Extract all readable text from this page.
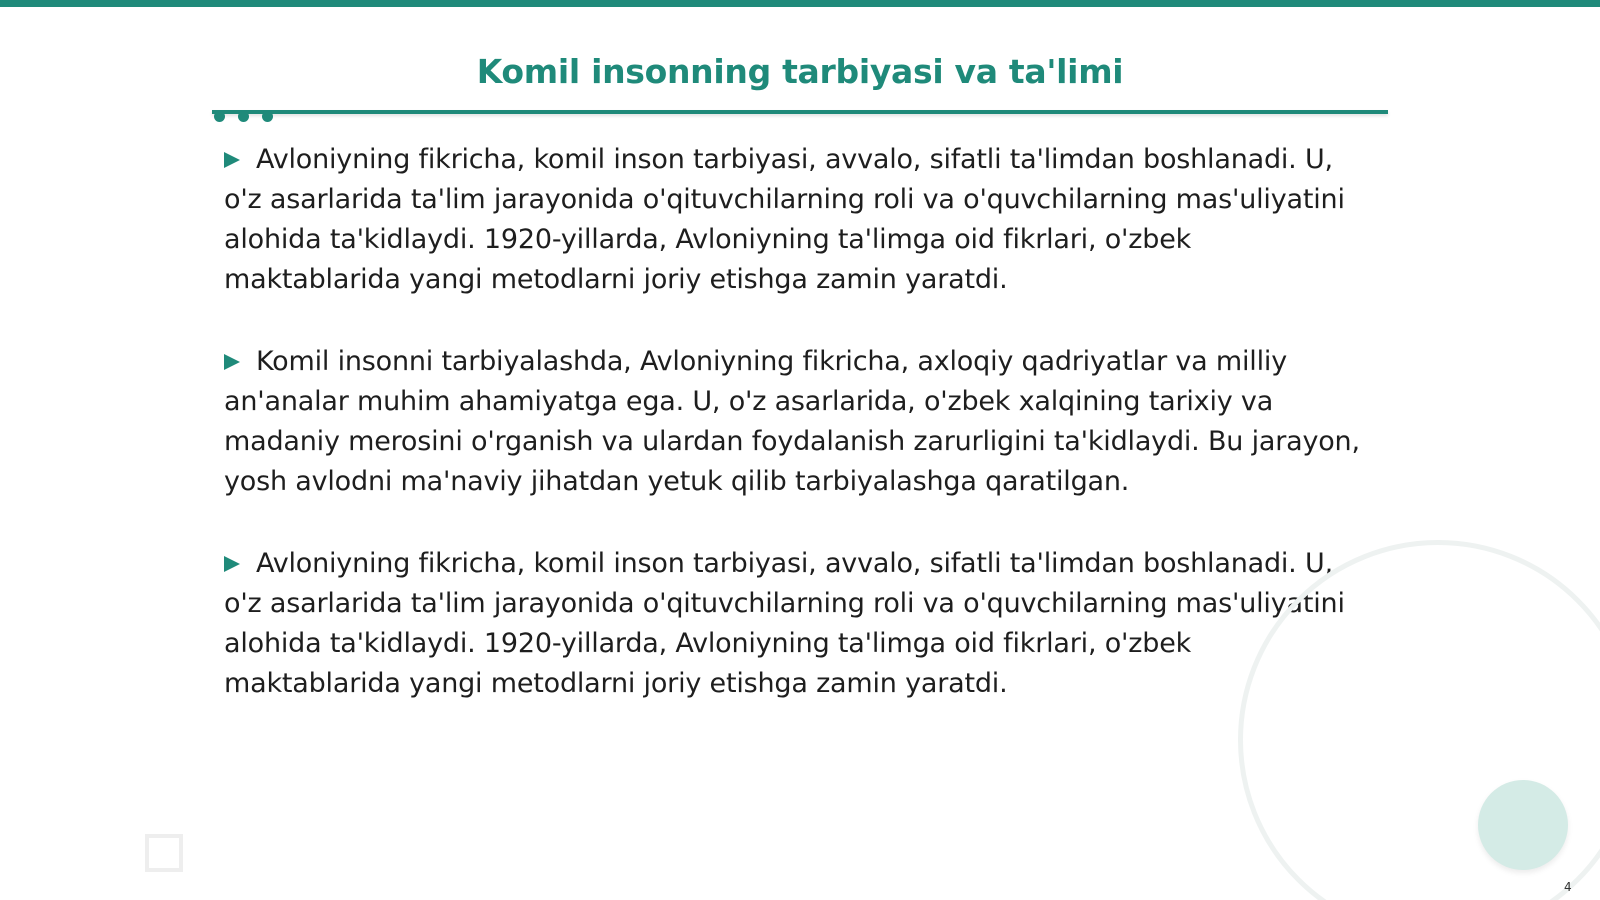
Komil insonning tarbiyasi va ta'limi

Avloniyning fikricha, komil inson tarbiyasi, avvalo, sifatli ta'limdan boshlanadi. U, o'z asarlarida ta'lim jarayonida o'qituvchilarning roli va o'quvchilarning mas'uliyatini alohida ta'kidlaydi. 1920-yillarda, Avloniyning ta'limga oid fikrlari, o'zbek maktablarida yangi metodlarni joriy etishga zamin yaratdi.

Komil insonni tarbiyalashda, Avloniyning fikricha, axloqiy qadriyatlar va milliy an'analar muhim ahamiyatga ega. U, o'z asarlarida, o'zbek xalqining tarixiy va madaniy merosini o'rganish va ulardan foydalanish zarurligini ta'kidlaydi. Bu jarayon, yosh avlodni ma'naviy jihatdan yetuk qilib tarbiyalashga qaratilgan.

Avloniyning fikricha, komil inson tarbiyasi, avvalo, sifatli ta'limdan boshlanadi. U, o'z asarlarida ta'lim jarayonida o'qituvchilarning roli va o'quvchilarning mas'uliyatini alohida ta'kidlaydi. 1920-yillarda, Avloniyning ta'limga oid fikrlari, o'zbek maktablarida yangi metodlarni joriy etishga zamin yaratdi.

4
